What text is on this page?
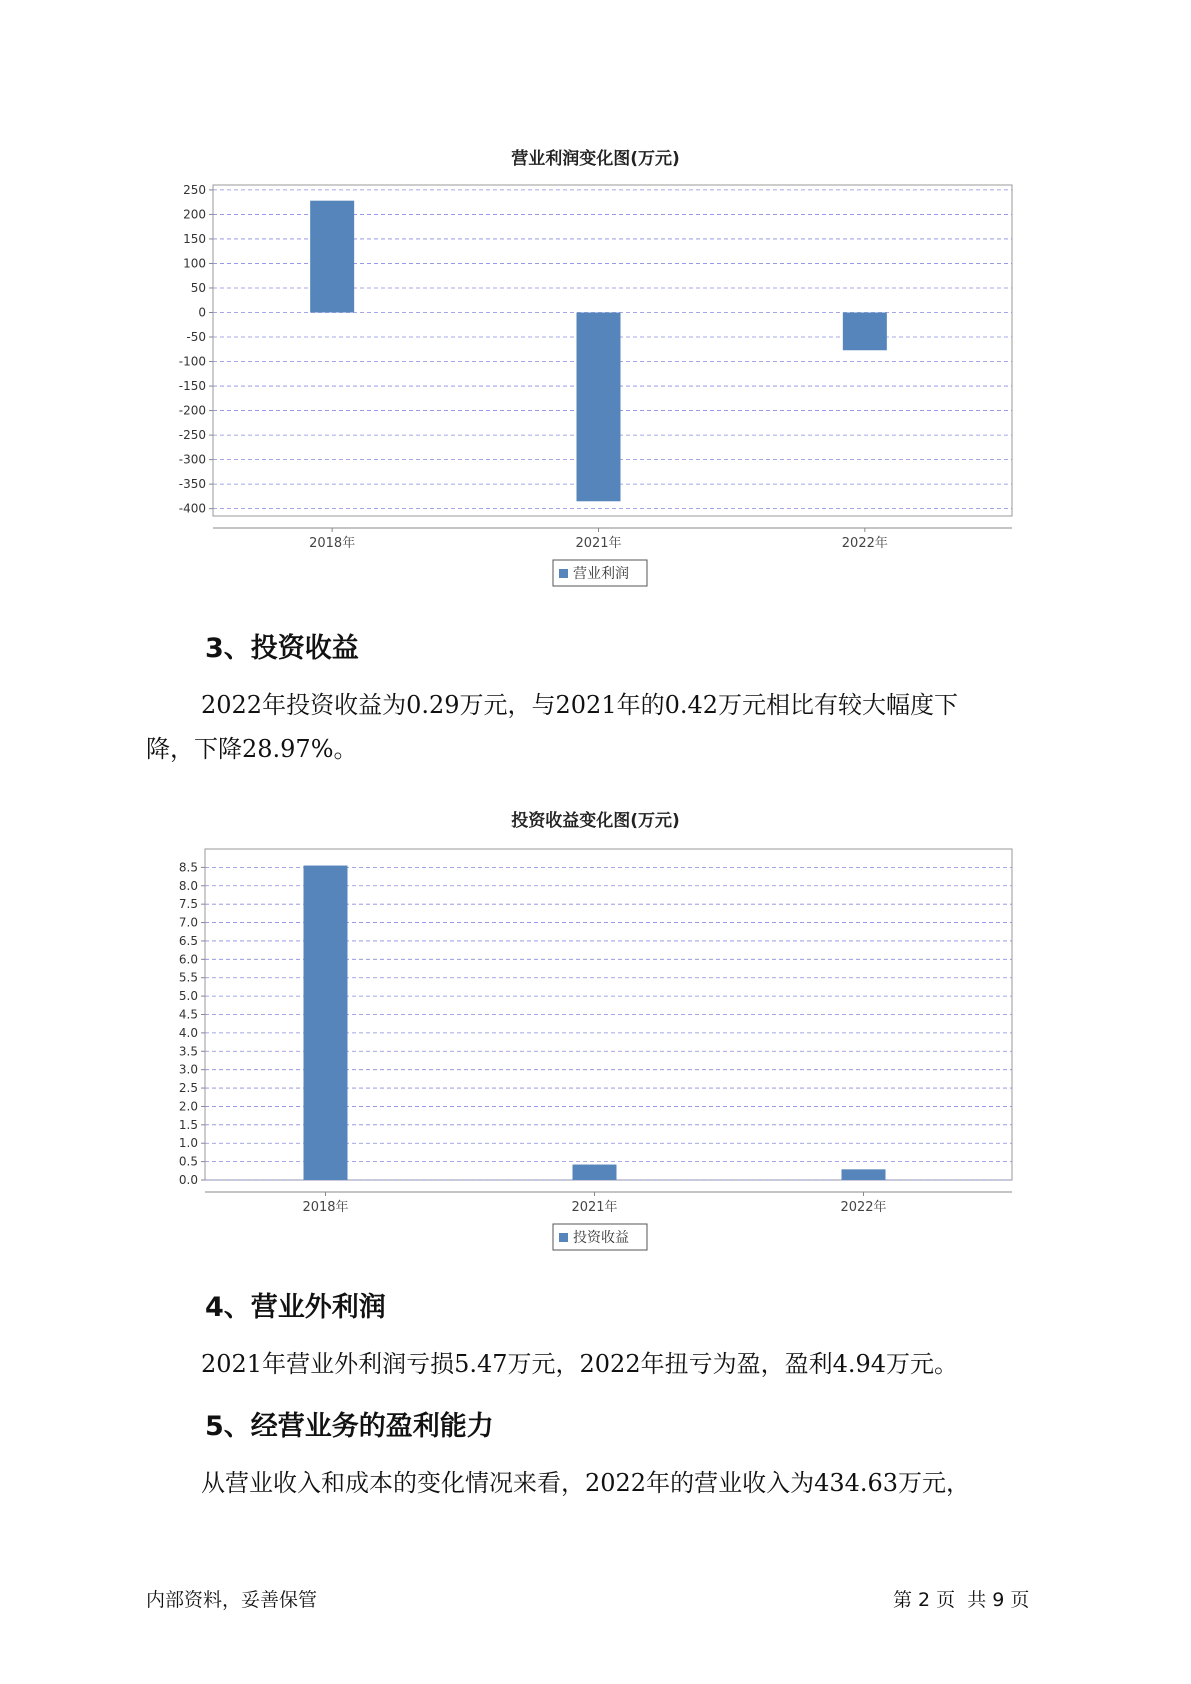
营业利润变化图(万元)
250
200
150
100
50
0
-50
-100
-150
-200
-250
-300
-350
-400
2018年	2021年	2022年
营业利润
3、投资收益

2022年投资收益为0.29万元，与2021年的0.42万元相比有较大幅度下

降，下降28.97%。

投资收益变化图(万元)
8.5
8.0
7.5
7.0
6.5
6.0
5.5
5.0
4.5
4.0
3.5
3.0
2.5
2.0
1.5
1.0
0.5
0.0
2018年	2021年	2022年
投资收益
4、营业外利润

2021年营业外利润亏损5.47万元，2022年扭亏为盈，盈利4.94万元。

5、经营业务的盈利能力

从营业收入和成本的变化情况来看，2022年的营业收入为434.63万元，

内部资料，妥善保管	第 2 页  共 9 页
